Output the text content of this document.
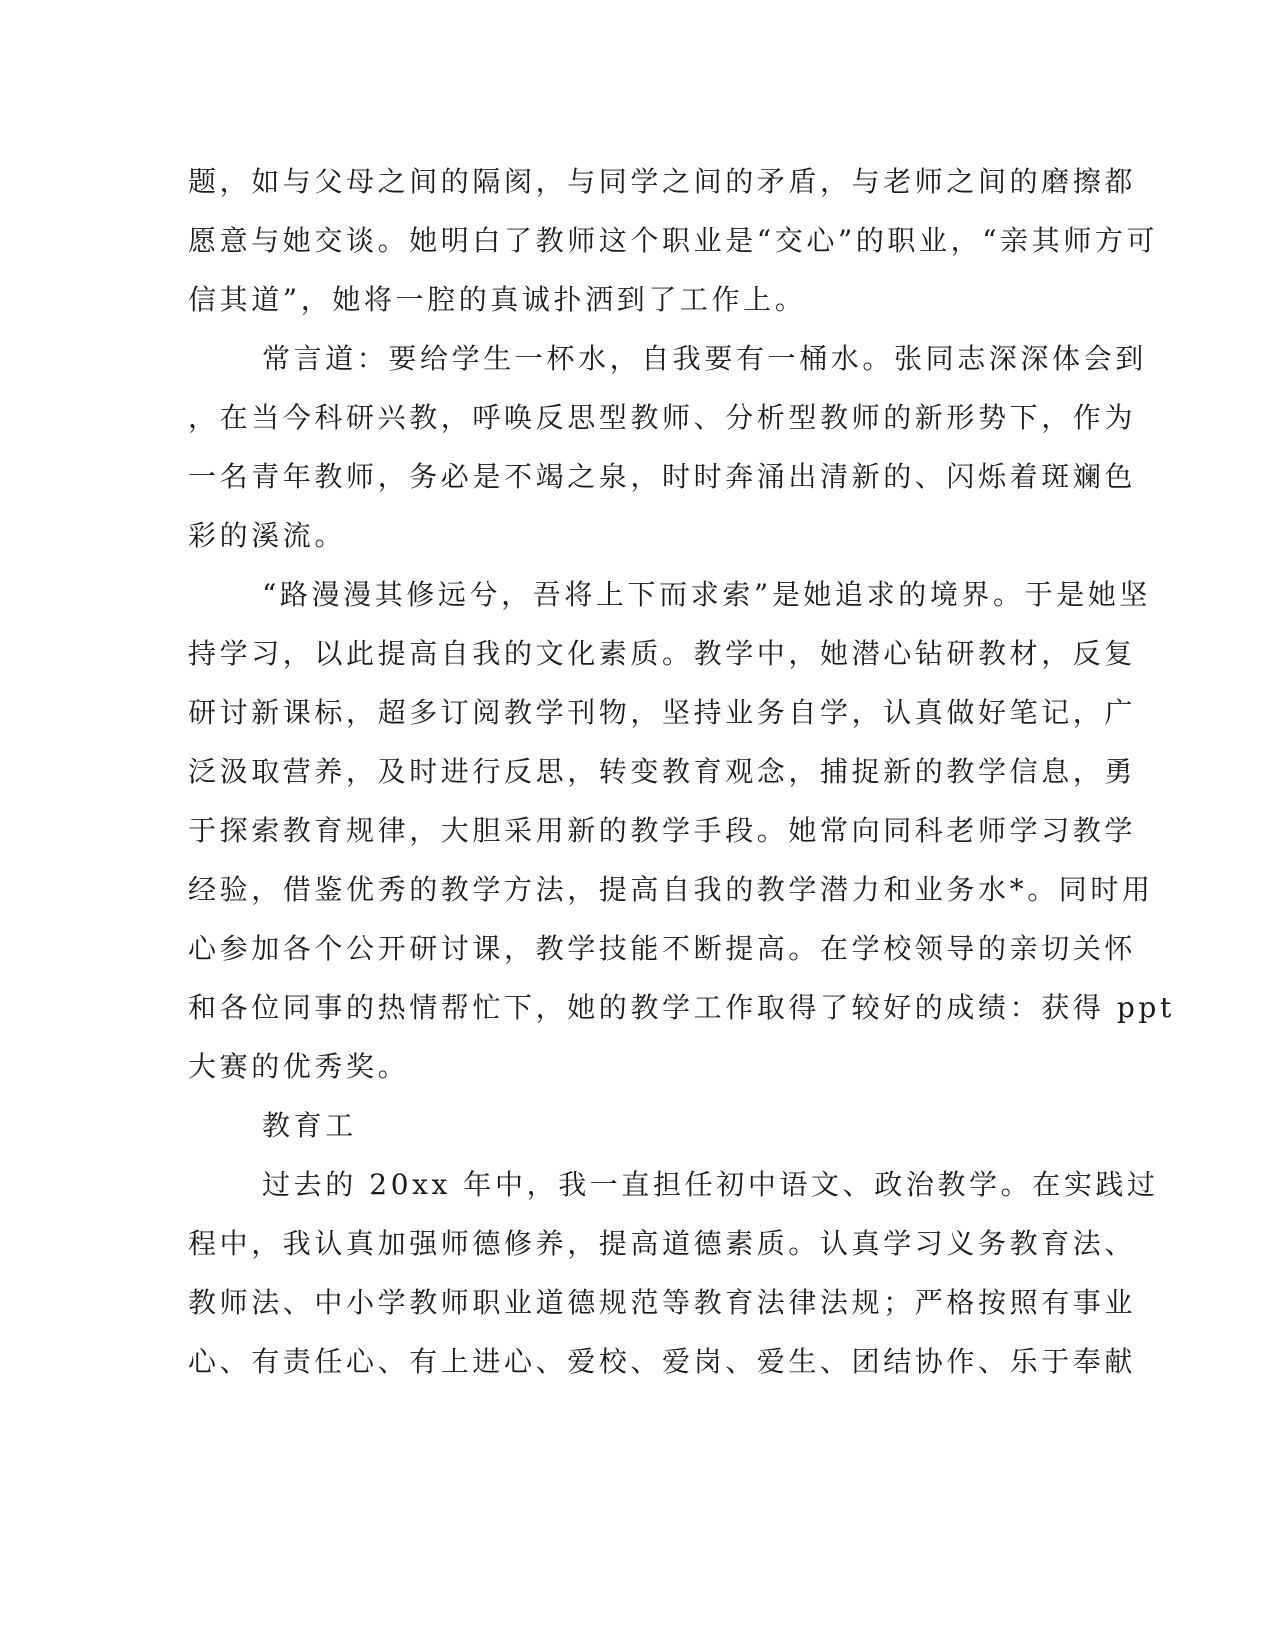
题，如与父母之间的隔阂，与同学之间的矛盾，与老师之间的磨擦都
愿意与她交谈。她明白了教师这个职业是“交心”的职业，“亲其师方可
信其道”，她将一腔的真诚扑洒到了工作上。
常言道：要给学生一杯水，自我要有一桶水。张同志深深体会到
，在当今科研兴教，呼唤反思型教师、分析型教师的新形势下，作为
一名青年教师，务必是不竭之泉，时时奔涌出清新的、闪烁着斑斓色
彩的溪流。
“路漫漫其修远兮，吾将上下而求索”是她追求的境界。于是她坚
持学习，以此提高自我的文化素质。教学中，她潜心钻研教材，反复
研讨新课标，超多订阅教学刊物，坚持业务自学，认真做好笔记，广
泛汲取营养，及时进行反思，转变教育观念，捕捉新的教学信息，勇
于探索教育规律，大胆采用新的教学手段。她常向同科老师学习教学
经验，借鉴优秀的教学方法，提高自我的教学潜力和业务水*。同时用
心参加各个公开研讨课，教学技能不断提高。在学校领导的亲切关怀
和各位同事的热情帮忙下，她的教学工作取得了较好的成绩：获得 ppt
大赛的优秀奖。
教育工
过去的 20xx 年中，我一直担任初中语文、政治教学。在实践过
程中，我认真加强师德修养，提高道德素质。认真学习义务教育法、
教师法、中小学教师职业道德规范等教育法律法规；严格按照有事业
心、有责任心、有上进心、爱校、爱岗、爱生、团结协作、乐于奉献
